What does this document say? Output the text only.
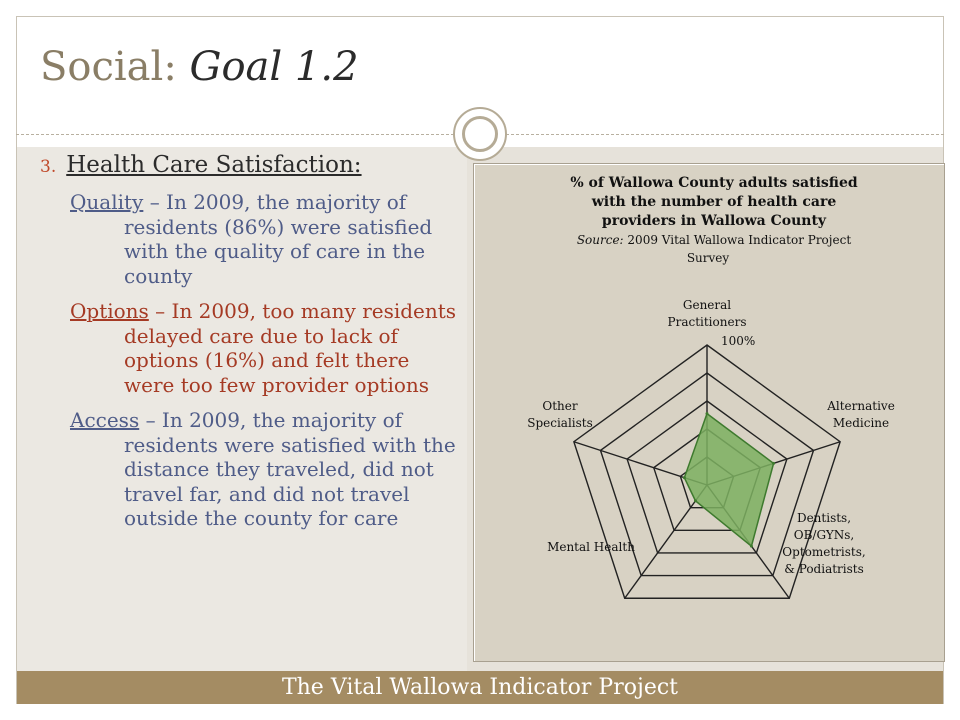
Social: Goal 1.2
3. Health Care Satisfaction:
Quality – In 2009, the majority of residents (86%) were satisfied with the quality of care in the county
Options – In 2009, too many residents delayed care due to lack of options (16%) and felt there were too few provider options
Access – In 2009, the majority of residents were satisfied with the distance they traveled, did not travel far, and did not travel outside the county for care
% of Wallowa County adults satisfied
with the number of health care
providers in Wallowa County
Source: 2009 Vital Wallowa Indicator Project
Survey
General Practitioners
Alternative Medicine
Dentists, OB/GYNs, Optometrists, & Podiatrists
Mental Health
Other Specialists
100%
The Vital Wallowa Indicator Project
